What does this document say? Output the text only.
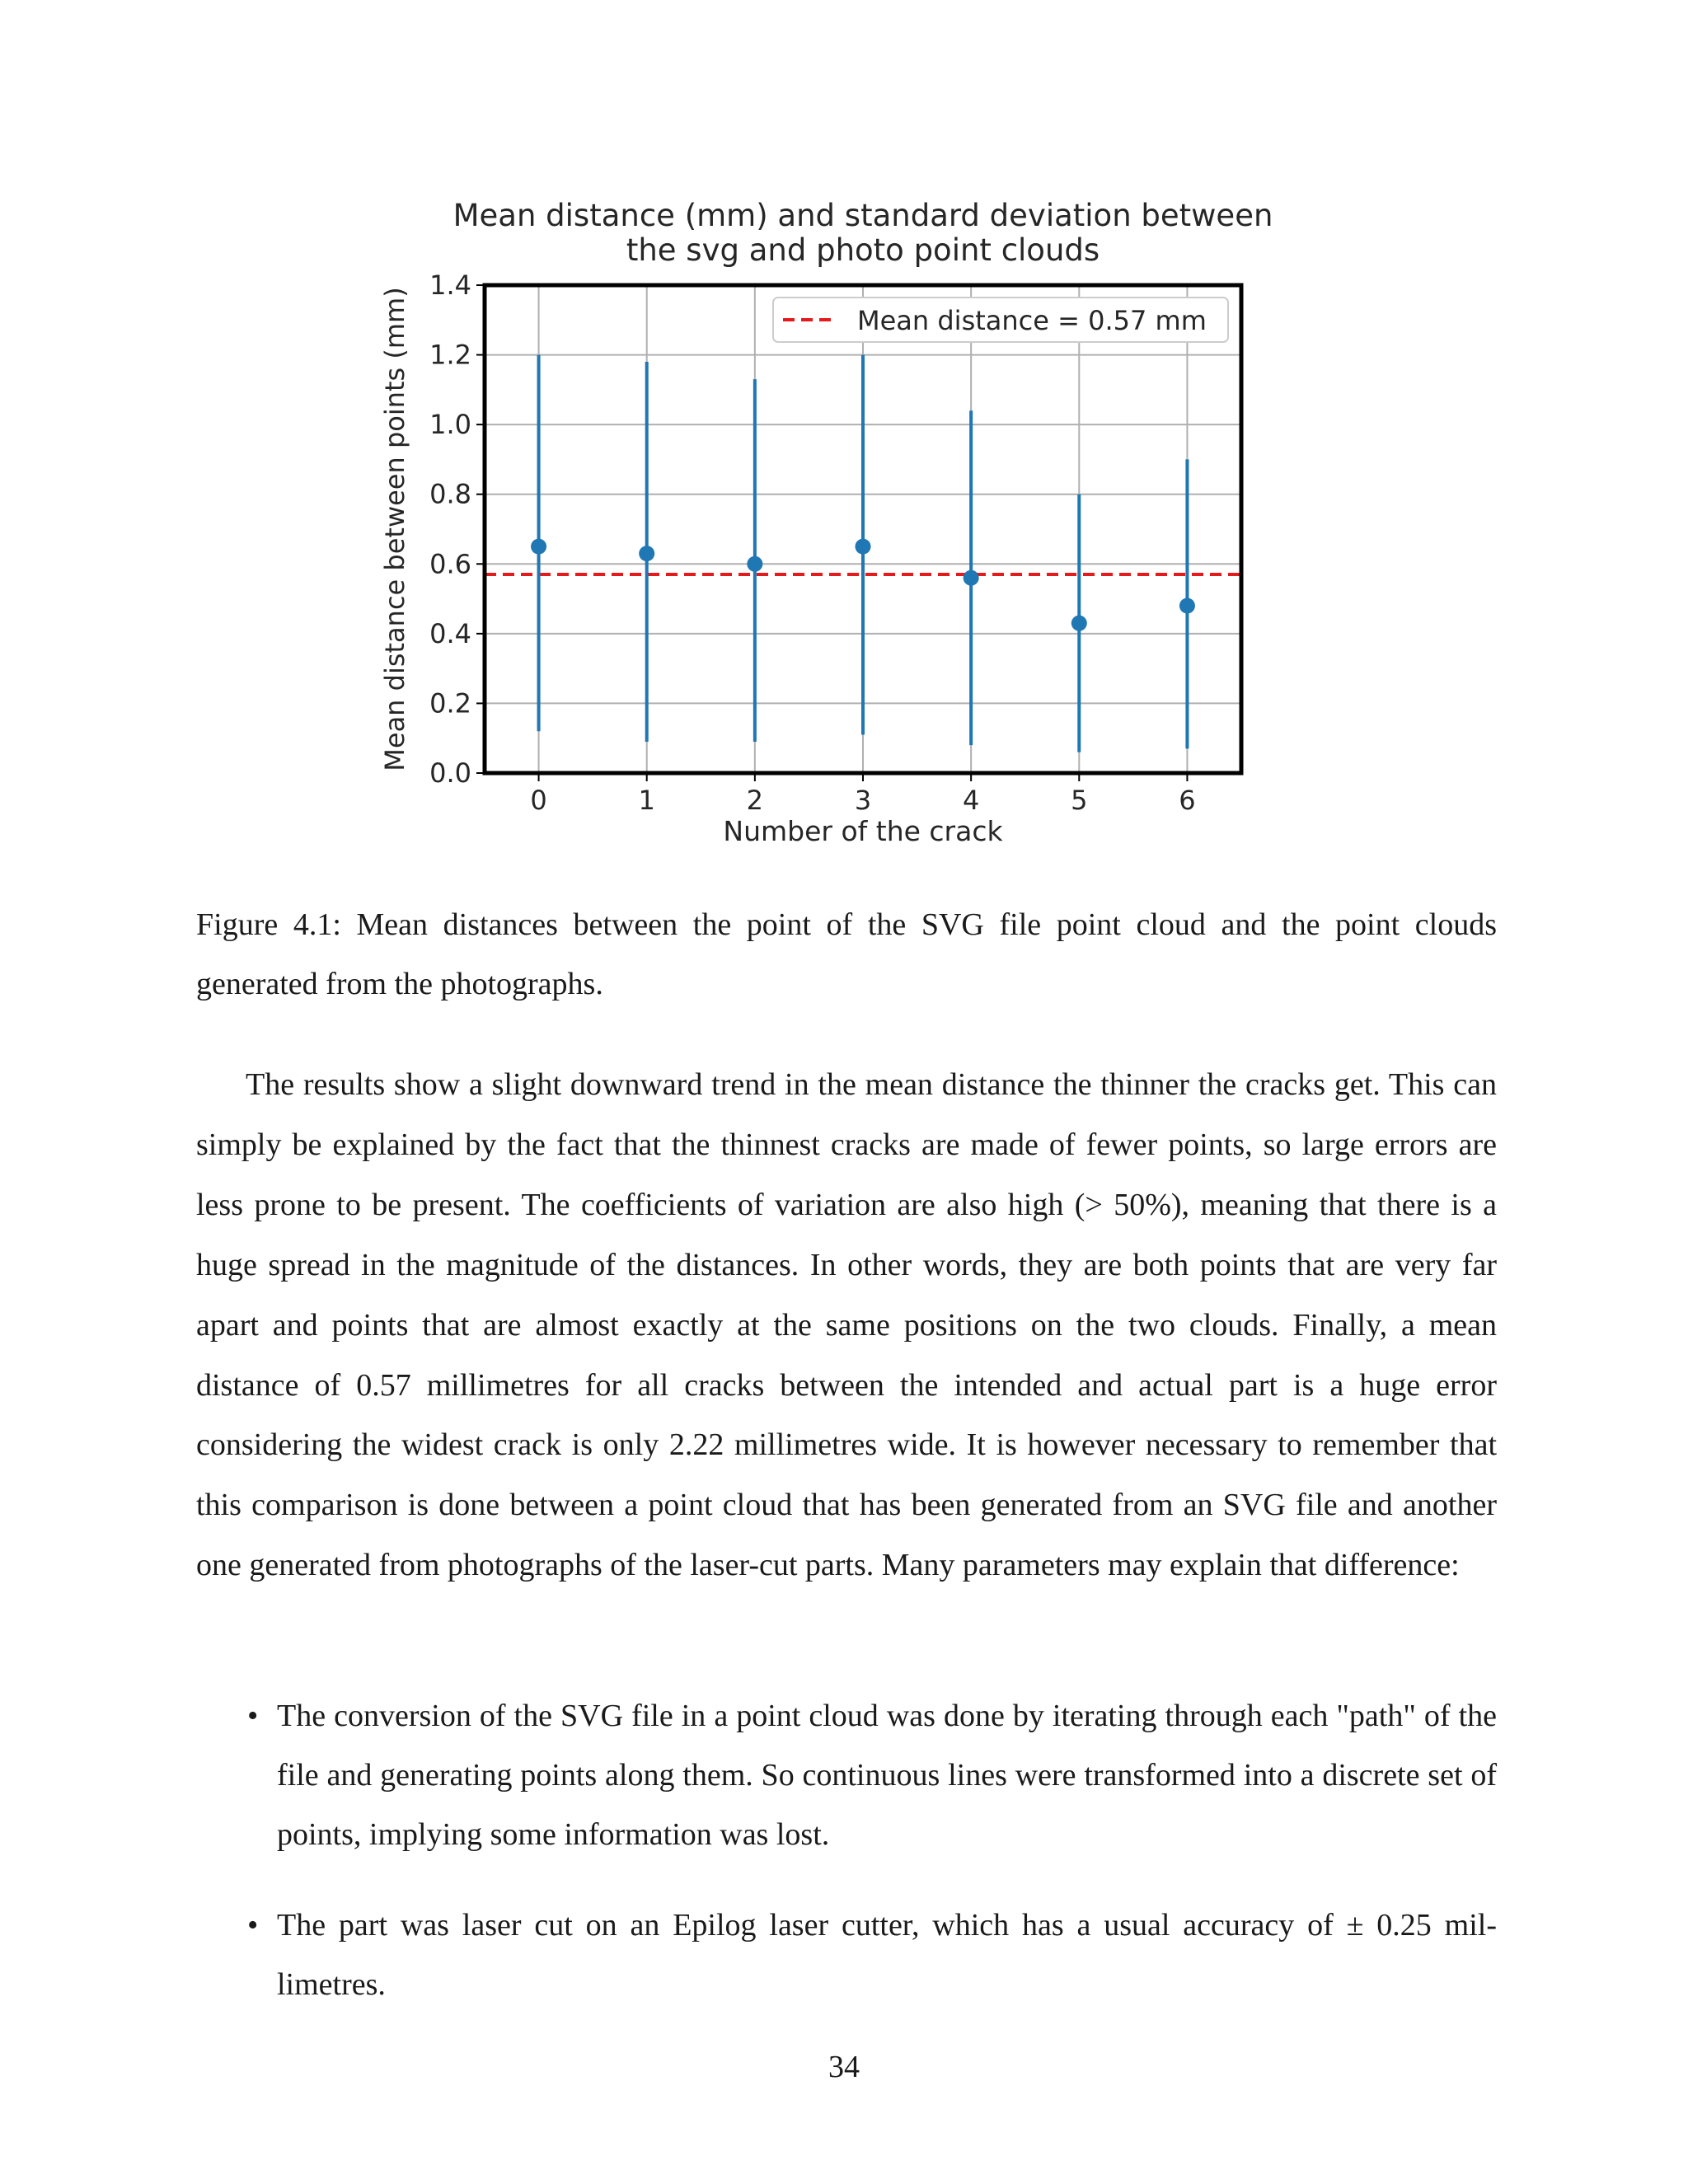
Mean distance (mm) and standard deviation between
the svg and photo point clouds
0	1	2	3	4	5	6
0.0
0.2
0.4
0.6
0.8
1.0
1.2
1.4
Mean distance = 0.57 mm
Number of the crack
Mean distance between points (mm)

Figure 4.1: Mean distances between the point of the SVG file point cloud and the point clouds generated from the photographs.

The results show a slight downward trend in the mean distance the thinner the cracks get. This can simply be explained by the fact that the thinnest cracks are made of fewer points, so large errors are less prone to be present. The coefficients of variation are also high (> 50%), meaning that there is a huge spread in the magnitude of the distances. In other words, they are both points that are very far apart and points that are almost exactly at the same positions on the two clouds. Finally, a mean distance of 0.57 millimetres for all cracks between the intended and actual part is a huge error considering the widest crack is only 2.22 millimetres wide. It is however necessary to remember that this comparison is done between a point cloud that has been generated from an SVG file and another one generated from photographs of the laser-cut parts. Many parameters may explain that difference:

• The conversion of the SVG file in a point cloud was done by iterating through each "path" of the file and generating points along them. So continuous lines were transformed into a discrete set of points, implying some information was lost.
• The part was laser cut on an Epilog laser cutter, which has a usual accuracy of ± 0.25 mil- limetres.
34
